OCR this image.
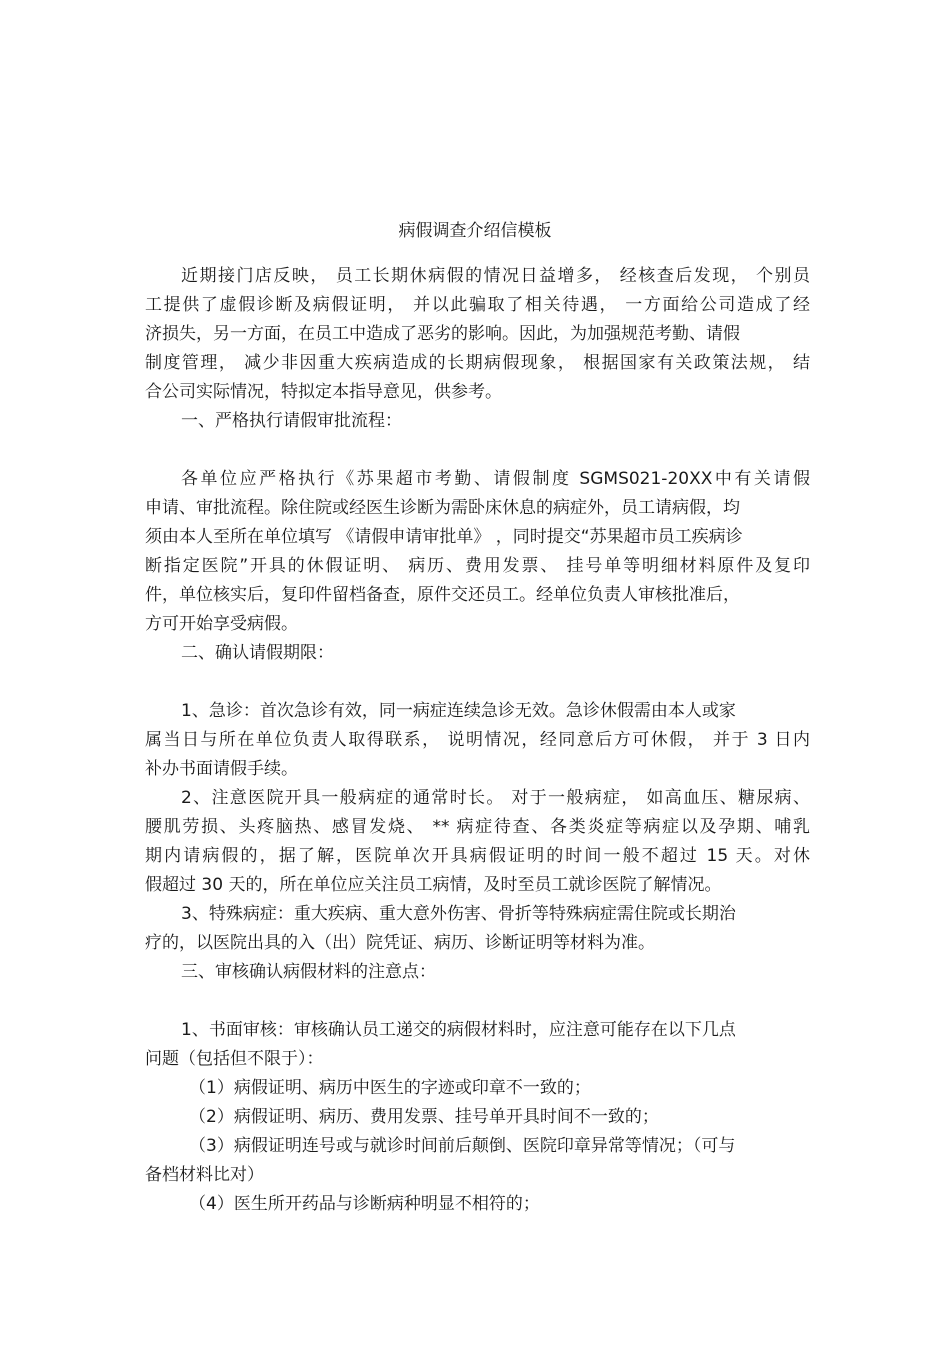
病假调查介绍信模板
近期接门店反映， 员工长期休病假的情况日益增多， 经核查后发现， 个别员
工提供了虚假诊断及病假证明， 并以此骗取了相关待遇， 一方面给公司造成了经
济损失，另一方面，在员工中造成了恶劣的影响。因此，为加强规范考勤、请假
制度管理， 减少非因重大疾病造成的长期病假现象， 根据国家有关政策法规， 结
合公司实际情况，特拟定本指导意见，供参考。
一、严格执行请假审批流程：
各单位应严格执行《苏果超市考勤、请假制度 SGMS021-20XX中有关请假
申请、审批流程。除住院或经医生诊断为需卧床休息的病症外，员工请病假，均
须由本人至所在单位填写 《请假申请审批单》 ，同时提交“苏果超市员工疾病诊
断指定医院”开具的休假证明、 病历、费用发票、 挂号单等明细材料原件及复印
件，单位核实后，复印件留档备查，原件交还员工。经单位负责人审核批准后，
方可开始享受病假。
二、确认请假期限：
1、急诊：首次急诊有效，同一病症连续急诊无效。急诊休假需由本人或家
属当日与所在单位负责人取得联系， 说明情况，经同意后方可休假， 并于 3 日内
补办书面请假手续。
2、注意医院开具一般病症的通常时长。 对于一般病症， 如高血压、糖尿病、
腰肌劳损、头疼脑热、感冒发烧、 ** 病症待查、各类炎症等病症以及孕期、哺乳
期内请病假的，据了解，医院单次开具病假证明的时间一般不超过 15 天。对休
假超过 30 天的，所在单位应关注员工病情，及时至员工就诊医院了解情况。
3、特殊病症：重大疾病、重大意外伤害、骨折等特殊病症需住院或长期治
疗的，以医院出具的入（出）院凭证、病历、诊断证明等材料为准。
三、审核确认病假材料的注意点：
1、书面审核：审核确认员工递交的病假材料时，应注意可能存在以下几点
问题（包括但不限于）：
（1）病假证明、病历中医生的字迹或印章不一致的；
（2）病假证明、病历、费用发票、挂号单开具时间不一致的；
（3）病假证明连号或与就诊时间前后颠倒、医院印章异常等情况；（可与
备档材料比对）
（4）医生所开药品与诊断病种明显不相符的；
